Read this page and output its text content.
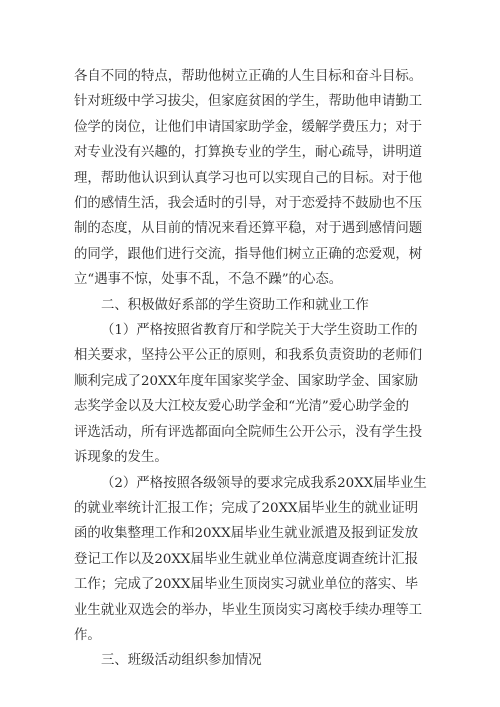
各自不同的特点，帮助他树立正确的人生目标和奋斗目标。
针对班级中学习拔尖，但家庭贫困的学生，帮助他申请勤工
俭学的岗位，让他们申请国家助学金，缓解学费压力；对于
对专业没有兴趣的，打算换专业的学生，耐心疏导，讲明道
理，帮助他认识到认真学习也可以实现自己的目标。对于他
们的感情生活，我会适时的引导，对于恋爱持不鼓励也不压
制的态度，从目前的情况来看还算平稳，对于遇到感情问题
的同学，跟他们进行交流，指导他们树立正确的恋爱观，树
立“遇事不惊，处事不乱，不急不躁”的心态。
二、积极做好系部的学生资助工作和就业工作
（1）严格按照省教育厅和学院关于大学生资助工作的
相关要求，坚持公平公正的原则，和我系负责资助的老师们
顺利完成了20XX年度年国家奖学金、国家助学金、国家励
志奖学金以及大江校友爱心助学金和“光清”爱心助学金的
评选活动，所有评选都面向全院师生公开公示，没有学生投
诉现象的发生。
（2）严格按照各级领导的要求完成我系20XX届毕业生
的就业率统计汇报工作；完成了20XX届毕业生的就业证明
函的收集整理工作和20XX届毕业生就业派遣及报到证发放
登记工作以及20XX届毕业生就业单位满意度调查统计汇报
工作；完成了20XX届毕业生顶岗实习就业单位的落实、毕
业生就业双选会的举办，毕业生顶岗实习离校手续办理等工
作。
三、班级活动组织参加情况
